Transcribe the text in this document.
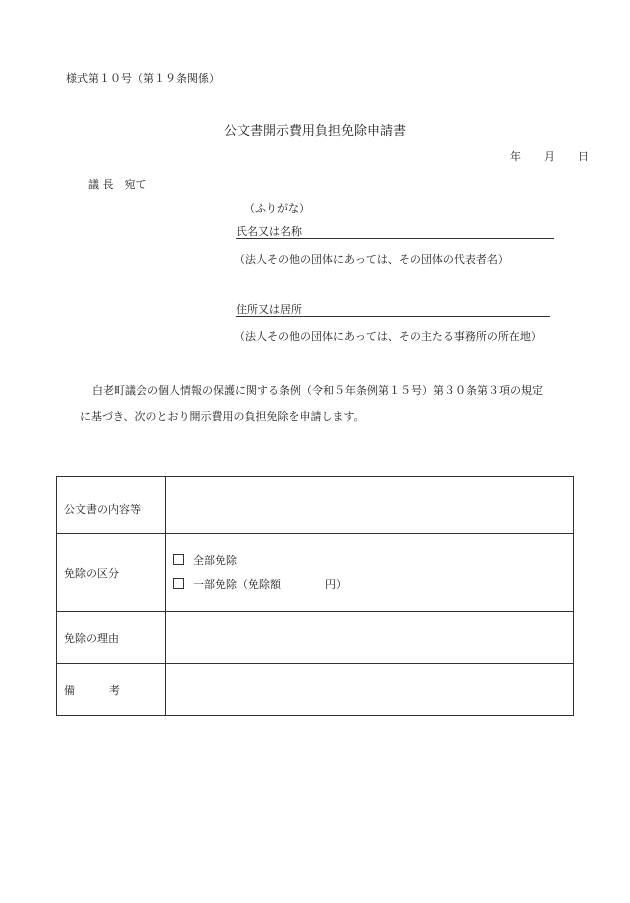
様式第１０号（第１９条関係）
公文書開示費用負担免除申請書
年 月 日
議 長　宛て
（ふりがな）
氏名又は名称
（法人その他の団体にあっては、その団体の代表者名）
住所又は居所
（法人その他の団体にあっては、その主たる事務所の所在地）
白老町議会の個人情報の保護に関する条例（令和５年条例第１５号）第３０条第３項の規定
に基づき、次のとおり開示費用の負担免除を申請します。
公文書の内容等	
免除の区分	全部免除
一部免除（免除額　　　　円）

免除の理由	
備 考	
